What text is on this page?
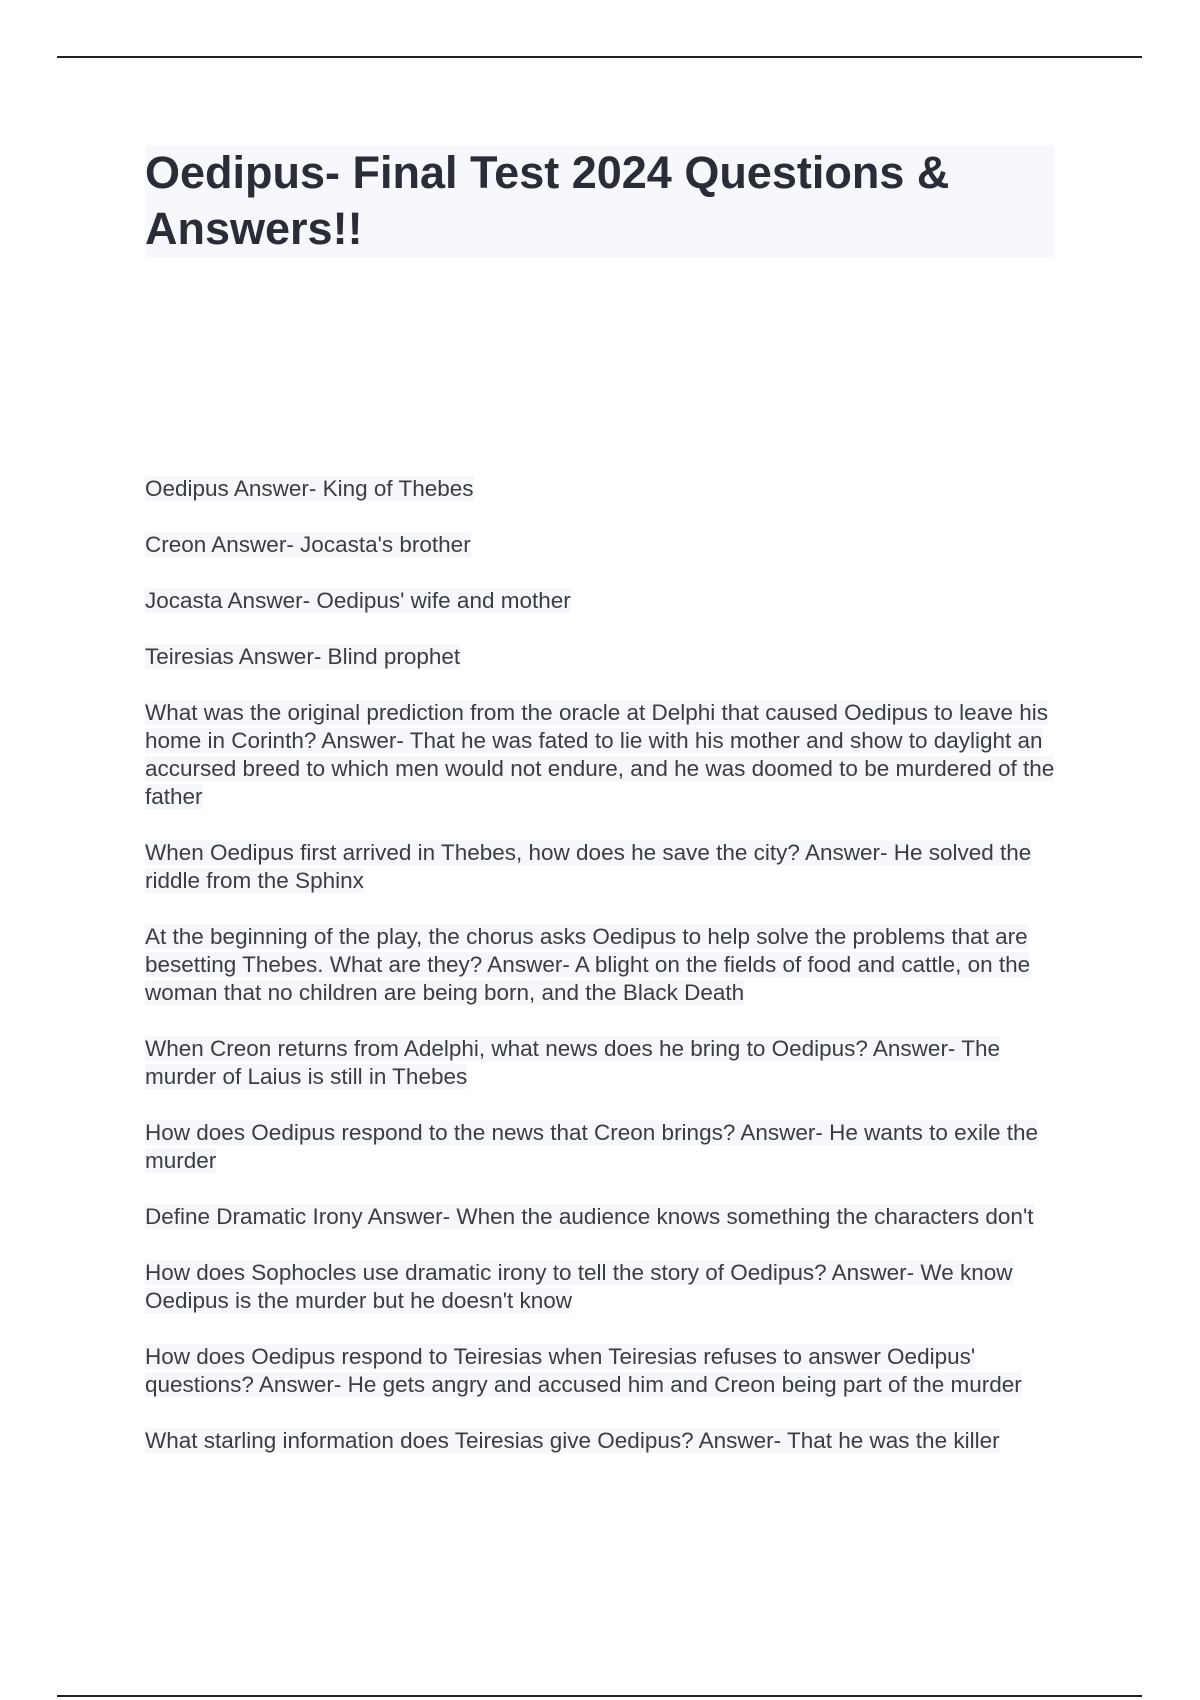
Oedipus- Final Test 2024 Questions & Answers!!

Oedipus Answer- King of Thebes

Creon Answer- Jocasta's brother

Jocasta Answer- Oedipus' wife and mother

Teiresias Answer- Blind prophet

What was the original prediction from the oracle at Delphi that caused Oedipus to leave his home in Corinth? Answer- That he was fated to lie with his mother and show to daylight an accursed breed to which men would not endure, and he was doomed to be murdered of the father

When Oedipus first arrived in Thebes, how does he save the city? Answer- He solved the riddle from the Sphinx

At the beginning of the play, the chorus asks Oedipus to help solve the problems that are besetting Thebes. What are they? Answer- A blight on the fields of food and cattle, on the woman that no children are being born, and the Black Death

When Creon returns from Adelphi, what news does he bring to Oedipus? Answer- The murder of Laius is still in Thebes

How does Oedipus respond to the news that Creon brings? Answer- He wants to exile the murder

Define Dramatic Irony Answer- When the audience knows something the characters don't

How does Sophocles use dramatic irony to tell the story of Oedipus? Answer- We know Oedipus is the murder but he doesn't know

How does Oedipus respond to Teiresias when Teiresias refuses to answer Oedipus' questions? Answer- He gets angry and accused him and Creon being part of the murder

What starling information does Teiresias give Oedipus? Answer- That he was the killer
